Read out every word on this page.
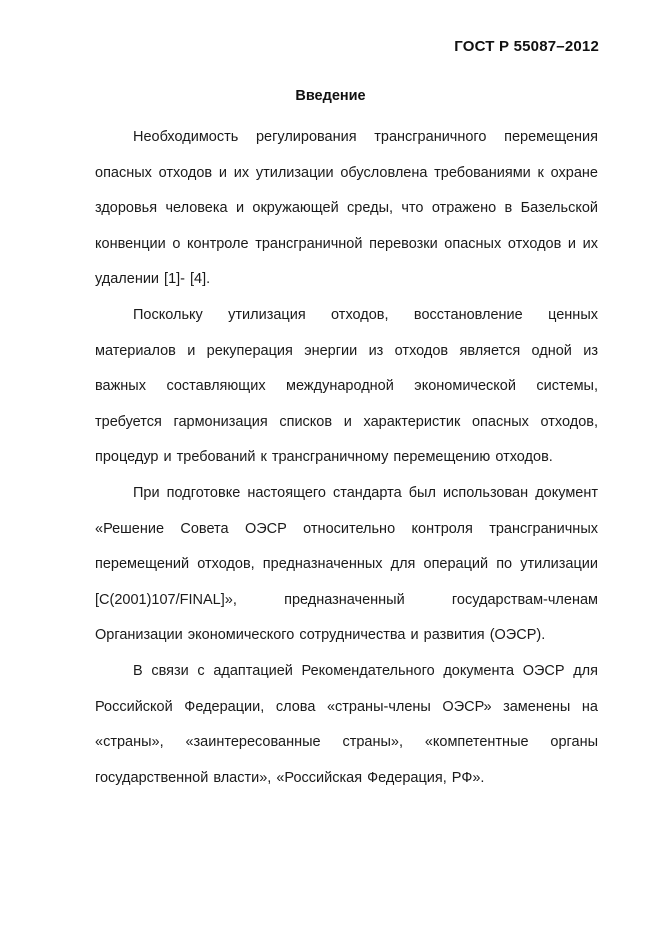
ГОСТ Р 55087–2012
Введение

Необходимость регулирования трансграничного перемещения опасных отходов и их утилизации обусловлена требованиями к охране здоровья человека и окружающей среды, что отражено в Базельской конвенции о контроле трансграничной перевозки опасных отходов и их удалении [1]- [4].

Поскольку утилизация отходов, восстановление ценных материалов и рекуперация энергии из отходов является одной из важных составляющих международной экономической системы, требуется гармонизация списков и характеристик опасных отходов, процедур и требований к трансграничному перемещению отходов.

При подготовке настоящего стандарта был использован документ «Решение Совета ОЭСР относительно контроля трансграничных перемещений отходов, предназначенных для операций по утилизации [C(2001)107/FINAL]», предназначенный государствам-членам Организации экономического сотрудничества и развития (ОЭСР).

В связи с адаптацией Рекомендательного документа ОЭСР для Российской Федерации, слова «страны-члены ОЭСР» заменены на «страны», «заинтересованные страны», «компетентные органы государственной власти», «Российская Федерация, РФ».
